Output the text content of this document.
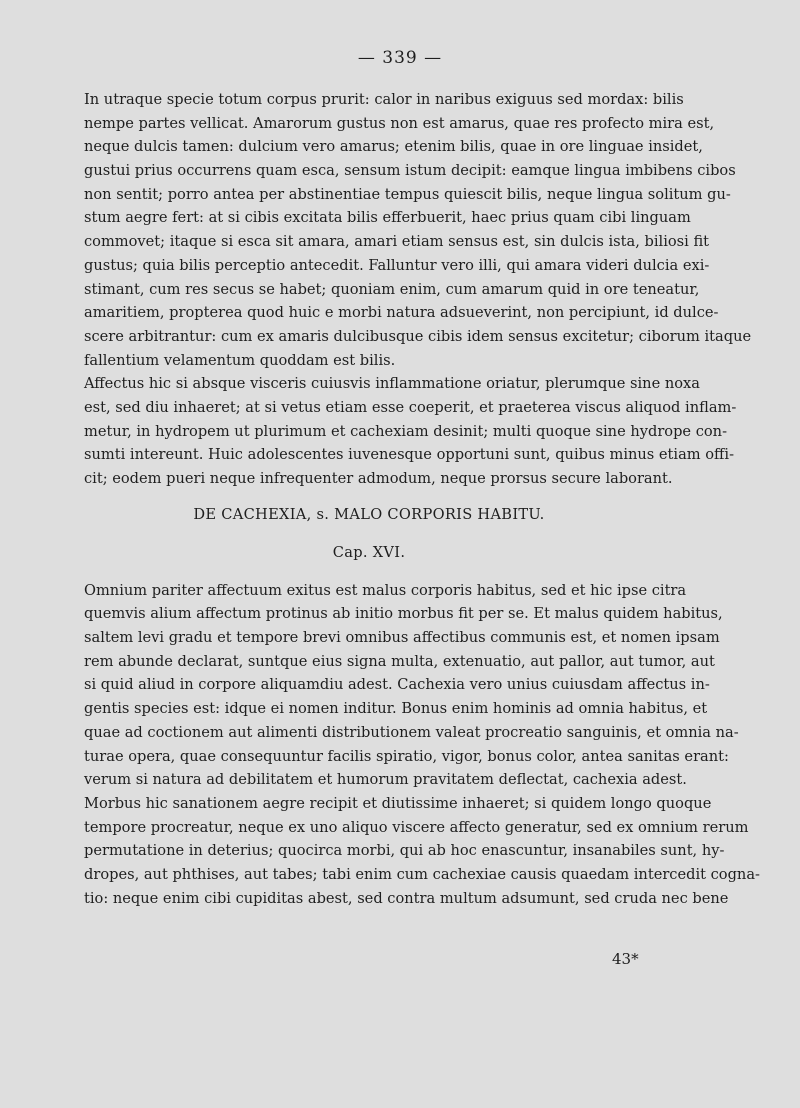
— 339 —
In utraque specie totum corpus prurit: calor in naribus exiguus sed mordax: bilis
nempe partes vellicat. Amarorum gustus non est amarus, quae res profecto mira est,
neque dulcis tamen: dulcium vero amarus; etenim bilis, quae in ore linguae insidet,
gustui prius occurrens quam esca, sensum istum decipit: eamque lingua imbibens cibos
non sentit; porro antea per abstinentiae tempus quiescit bilis, neque lingua solitum gu-
stum aegre fert: at si cibis excitata bilis efferbuerit, haec prius quam cibi linguam
commovet; itaque si esca sit amara, amari etiam sensus est, sin dulcis ista, biliosi fit
gustus; quia bilis perceptio antecedit. Falluntur vero illi, qui amara videri dulcia exi-
stimant, cum res secus se habet; quoniam enim, cum amarum quid in ore teneatur,
amaritiem, propterea quod huic e morbi natura adsueverint, non percipiunt, id dulce-
scere arbitrantur: cum ex amaris dulcibusque cibis idem sensus excitetur; ciborum itaque
fallentium velamentum quoddam est bilis.
Affectus hic si absque visceris cuiusvis inflammatione oriatur, plerumque sine noxa
est, sed diu inhaeret; at si vetus etiam esse coeperit, et praeterea viscus aliquod inflam-
metur, in hydropem ut plurimum et cachexiam desinit; multi quoque sine hydrope con-
sumti intereunt. Huic adolescentes iuvenesque opportuni sunt, quibus minus etiam offi-
cit; eodem pueri neque infrequenter admodum, neque prorsus secure laborant.
DE CACHEXIA, s. MALO CORPORIS HABITU.
Cap. XVI.
Omnium pariter affectuum exitus est malus corporis habitus, sed et hic ipse citra
quemvis alium affectum protinus ab initio morbus fit per se. Et malus quidem habitus,
saltem levi gradu et tempore brevi omnibus affectibus communis est, et nomen ipsam
rem abunde declarat, suntque eius signa multa, extenuatio, aut pallor, aut tumor, aut
si quid aliud in corpore aliquamdiu adest. Cachexia vero unius cuiusdam affectus in-
gentis species est: idque ei nomen inditur. Bonus enim hominis ad omnia habitus, et
quae ad coctionem aut alimenti distributionem valeat procreatio sanguinis, et omnia na-
turae opera, quae consequuntur facilis spiratio, vigor, bonus color, antea sanitas erant:
verum si natura ad debilitatem et humorum pravitatem deflectat, cachexia adest.
Morbus hic sanationem aegre recipit et diutissime inhaeret; si quidem longo quoque
tempore procreatur, neque ex uno aliquo viscere affecto generatur, sed ex omnium rerum
permutatione in deterius; quocirca morbi, qui ab hoc enascuntur, insanabiles sunt, hy-
dropes, aut phthises, aut tabes; tabi enim cum cachexiae causis quaedam intercedit cogna-
tio: neque enim cibi cupiditas abest, sed contra multum adsumunt, sed cruda nec bene
43*
